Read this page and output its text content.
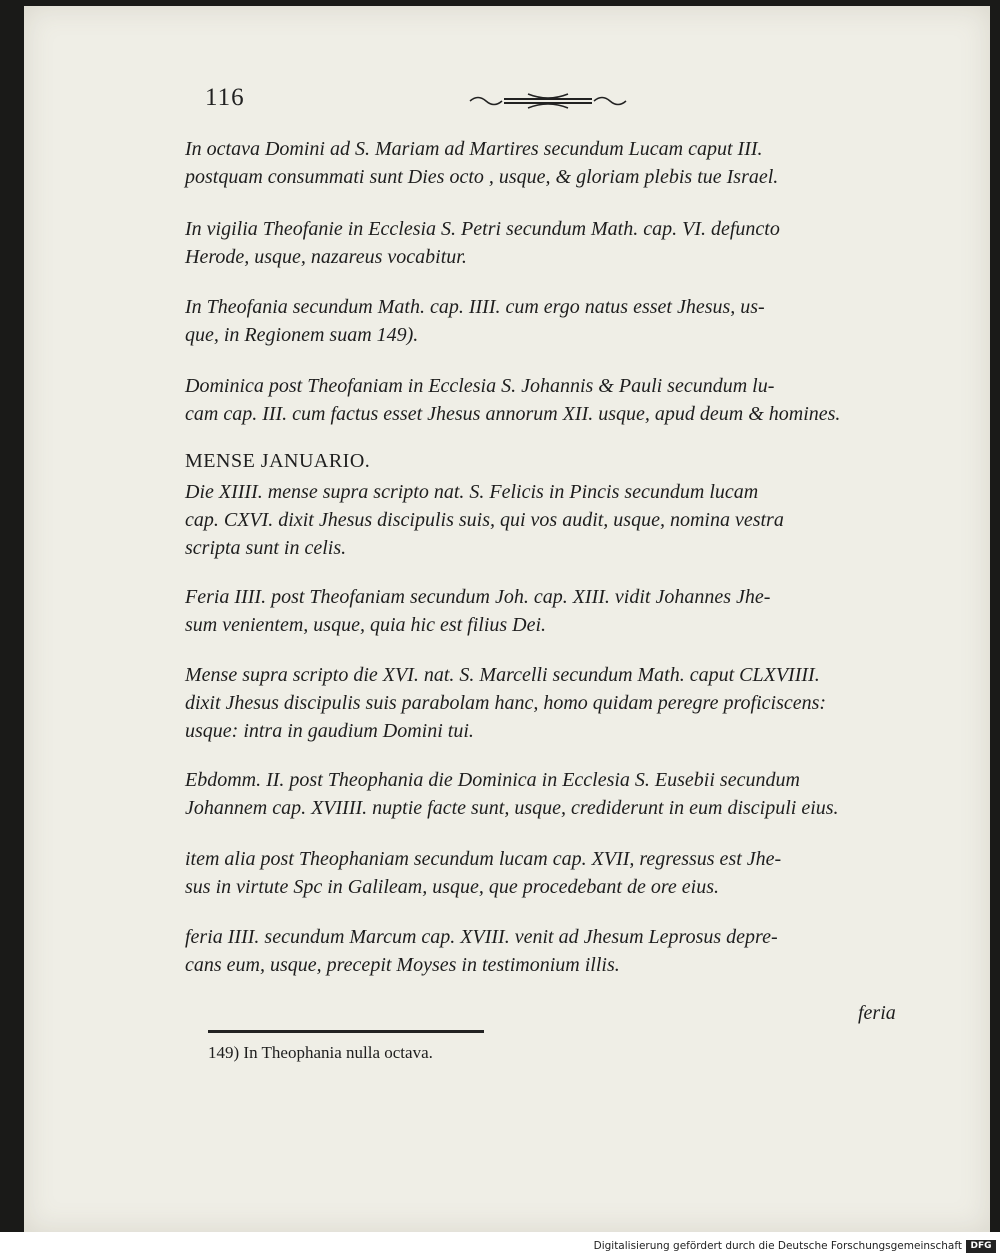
116
In octava Domini ad S. Mariam ad Martires secundum Lucam caput III.
postquam consummati sunt Dies octo , usque, & gloriam plebis tue Israel.
In vigilia Theofanie in Ecclesia S. Petri secundum Math. cap. VI. defuncto
Herode, usque, nazareus vocabitur.
In Theofania secundum Math. cap. IIII. cum ergo natus esset Jhesus, us-
que, in Regionem suam 149).
Dominica post Theofaniam in Ecclesia S. Johannis & Pauli secundum lu-
cam cap. III. cum factus esset Jhesus annorum XII. usque, apud deum & homines.
MENSE JANUARIO.
Die XIIII. mense supra scripto nat. S. Felicis in Pincis secundum lucam
cap. CXVI. dixit Jhesus discipulis suis, qui vos audit, usque, nomina vestra
scripta sunt in celis.
Feria IIII. post Theofaniam secundum Joh. cap. XIII. vidit Johannes Jhe-
sum venientem, usque, quia hic est filius Dei.
Mense supra scripto die XVI. nat. S. Marcelli secundum Math. caput CLXVIIII.
dixit Jhesus discipulis suis parabolam hanc, homo quidam peregre proficiscens:
usque: intra in gaudium Domini tui.
Ebdomm. II. post Theophania die Dominica in Ecclesia S. Eusebii secundum
Johannem cap. XVIIII. nuptie facte sunt, usque, crediderunt in eum discipuli eius.
item alia post Theophaniam secundum lucam cap. XVII, regressus est Jhe-
sus in virtute Spc in Galileam, usque, que procedebant de ore eius.
feria IIII. secundum Marcum cap. XVIII. venit ad Jhesum Leprosus depre-
cans eum, usque, precepit Moyses in testimonium illis.
feria
149) In Theophania nulla octava.
Digitalisierung gefördert durch die Deutsche Forschungsgemeinschaft DFG
